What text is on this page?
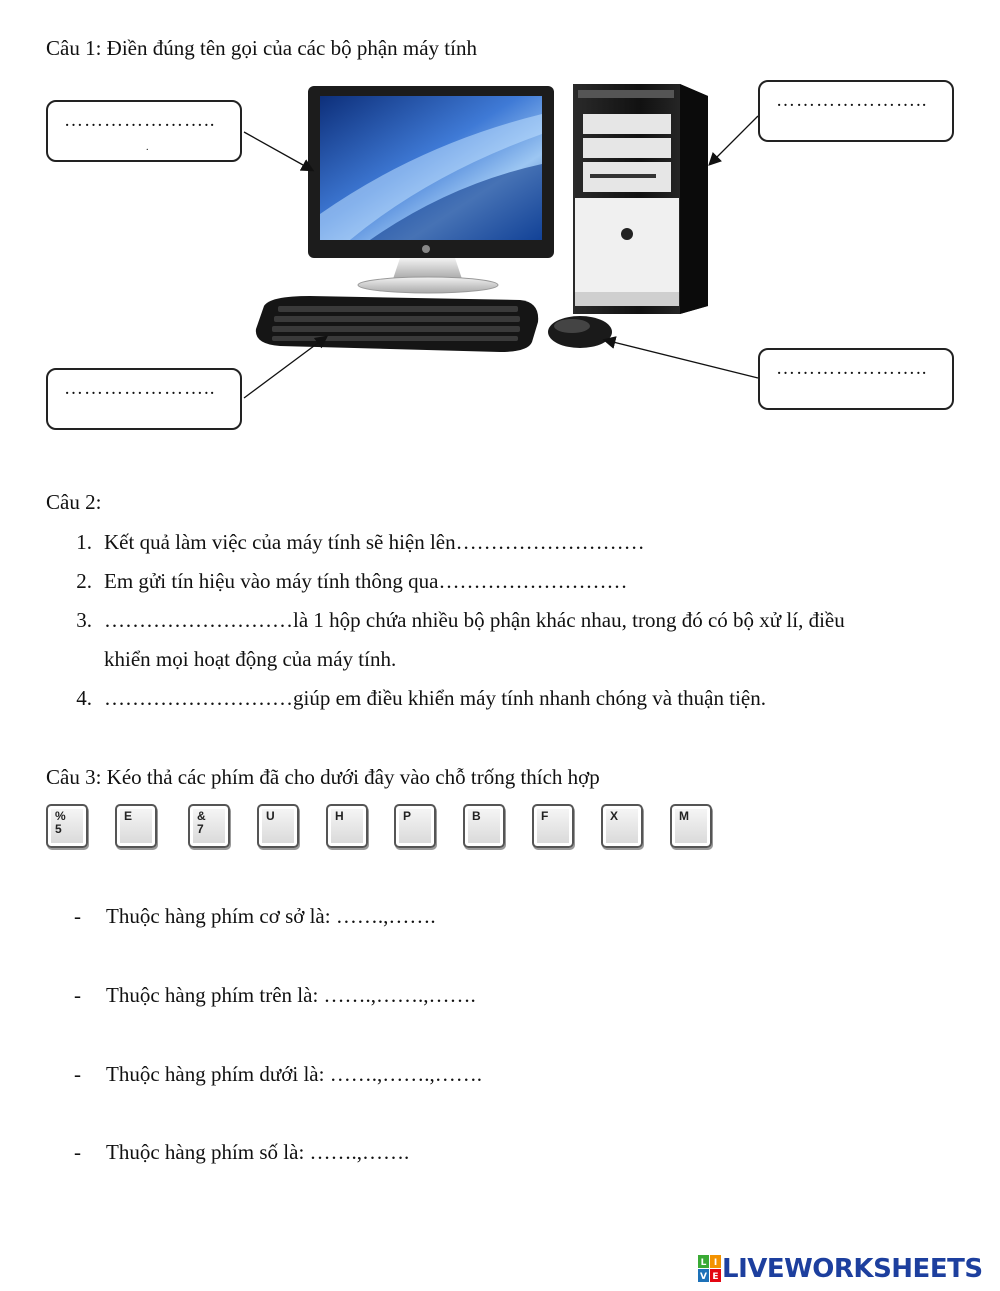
Câu 1: Điền đúng tên gọi của các bộ phận máy tính
…………………..
.
…………………..
…………………..
…………………..
Câu 2:
1. Kết quả làm việc của máy tính sẽ hiện lên………………………
2. Em gửi tín hiệu vào máy tính thông qua………………………
3. ………………………là 1 hộp chứa nhiều bộ phận khác nhau, trong đó có bộ xử lí, điều
khiển mọi hoạt động của máy tính.
4. ………………………giúp em điều khiển máy tính nhanh chóng và thuận tiện.
Câu 3: Kéo thả các phím đã cho dưới đây vào chỗ trống thích hợp
%
5
E	&
7
U	H	P	B	F	X	M
- Thuộc hàng phím cơ sở là: …….,…….
- Thuộc hàng phím trên là: …….,…….,…….
- Thuộc hàng phím dưới là: …….,…….,…….
- Thuộc hàng phím số là: …….,…….
L I
V E LIVEWORKSHEETS
